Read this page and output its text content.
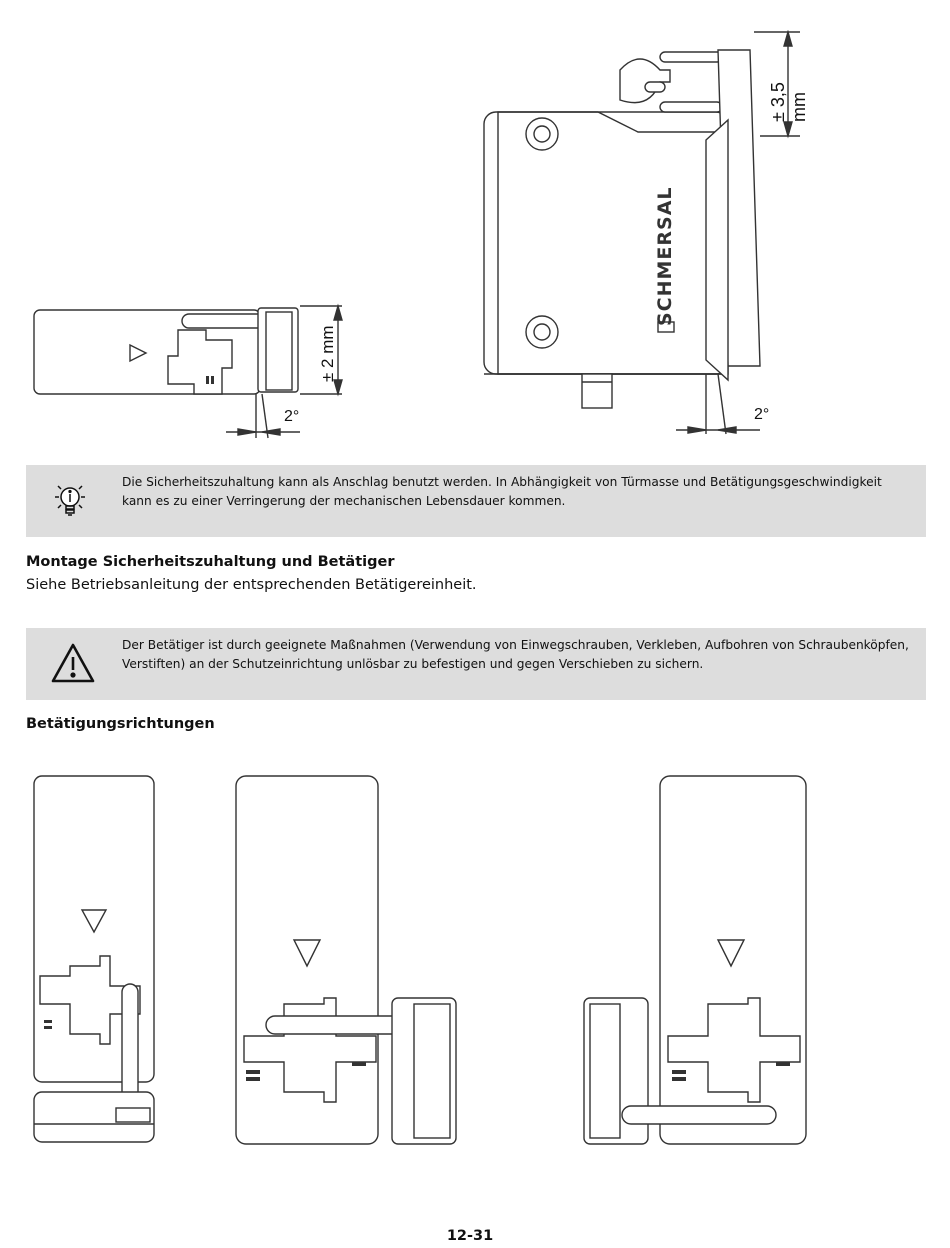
± 2 mm
2°
SCHMERSAL
± 3,5 mm
2°
Die Sicherheitszuhaltung kann als Anschlag benutzt werden. In Abhängigkeit von Türmasse und Betätigungsgeschwindigkeit kann es zu einer Verringerung der mechanischen Lebensdauer kommen.
Montage Sicherheitszuhaltung und Betätiger
Siehe Betriebsanleitung der entsprechenden Betätigereinheit.
Der Betätiger ist durch geeignete Maßnahmen (Verwendung von Einwegschrauben, Verkleben, Aufbohren von Schraubenköpfen, Verstiften) an der Schutzeinrichtung unlösbar zu befestigen und gegen Verschieben zu sichern.
Betätigungsrichtungen
12-31
